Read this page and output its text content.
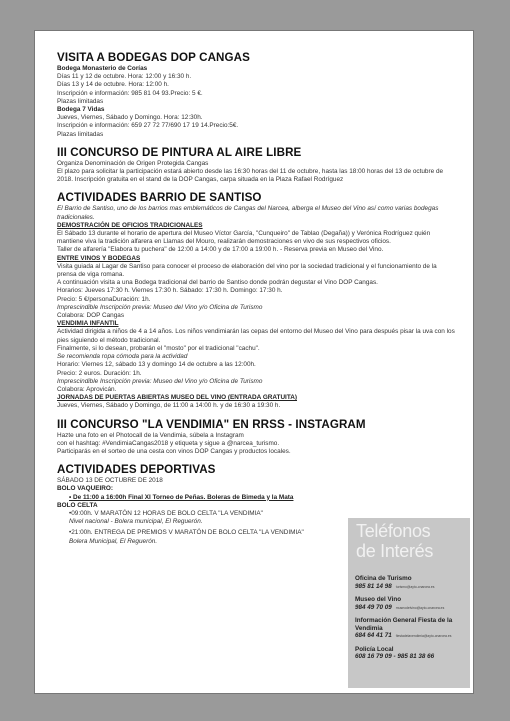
VISITA A BODEGAS DOP CANGAS
Bodega Monasterio de Corías
Días 11 y 12 de octubre. Hora: 12:00 y 16:30 h.
Días 13 y 14 de octubre. Hora: 12:00 h.
Inscripción e información: 985 81 04 93.Precio: 5 €.
Plazas limitadas
Bodega 7 Vidas
Jueves, Viernes, Sábado y Domingo. Hora: 12:30h.
Inscripción e información: 659 27 72 77/690 17 19 14.Precio:5€.
Plazas limitadas
III CONCURSO DE PINTURA AL AIRE LIBRE
Organiza Denominación de Origen Protegida Cangas
El plazo para solicitar la participación estará abierto desde las 16:30 horas del 11 de octubre, hasta las 18:00 horas del 13 de octubre de 2018. Inscripción gratuita en el stand de la DOP Cangas, carpa situada en la Plaza Rafael Rodríguez
ACTIVIDADES BARRIO DE SANTISO
El Barrio de Santiso, uno de los barrios mas emblemáticos de Cangas del Narcea, alberga el Museo del Vino así como varias bodegas tradicionales.
DEMOSTRACIÓN DE OFICIOS TRADICIONALES
El Sábado 13 durante el horario de apertura del Museo Víctor García, "Cunqueiro" de Tablao (Degaña)) y Verónica Rodríguez quién mantiene viva la tradición alfarera en Llamas del Mouro, realizarán demostraciones en vivo de sus respectivos oficios.
Taller de alfarería "Elabora tu puchera" de 12:00 a 14:00 y de 17:00 a 19:00 h. - Reserva previa en Museo del Vino.
ENTRE VINOS Y BODEGAS
Visita guiada al Lagar de Santiso para conocer el proceso de elaboración del vino por la sociedad tradicional y el funcionamiento de la prensa de viga romana.
A continuación visita a una Bodega tradicional del barrio de Santiso donde podrán degustar el Vino DOP Cangas.
Horarios: Jueves 17:30 h. Viernes 17:30 h. Sábado: 17:30 h. Domingo: 17:30 h.
Precio: 5 €/personaDuración: 1h.
Imprescindible Inscripción previa: Museo del Vino y/o Oficina de Turismo
Colabora: DOP Cangas
VENDIMIA INFANTIL
Actividad dirigida a niños de 4 a 14 años. Los niños vendimiarán las cepas del entorno del Museo del Vino para después pisar la uva con los pies siguiendo el método tradicional.
Finalmente, si lo desean, probarán el "mosto" por el tradicional "cachu".
Se recomienda ropa cómoda para la actividad
Horario: Viernes 12, sábado 13 y domingo 14 de octubre a las 12:00h.
Precio: 2 euros. Duración: 1h.
Imprescindible Inscripción previa: Museo del Vino y/o Oficina de Turismo
Colabora: Aprovicán.
JORNADAS DE PUERTAS ABIERTAS MUSEO DEL VINO (ENTRADA GRATUITA)
Jueves, Viernes, Sábado y Domingo, de 11:00 a 14:00 h. y de 16:30 a 19:30 h.
III CONCURSO "LA VENDIMIA" EN RRSS - INSTAGRAM
Hazte una foto en el Photocall de la Vendimia, súbela a Instagram
con el hashtag: #VendimiaCangas2018 y etiqueta y sigue a @narcea_turismo.
Participarás en el sorteo de una cesta con vinos DOP Cangas y productos locales.
ACTIVIDADES DEPORTIVAS
SÁBADO 13 DE OCTUBRE DE 2018
BOLO VAQUEIRO:
• De 11:00 a 16:00h Final XI Torneo de Peñas. Boleras de Bimeda y la Mata
BOLO CELTA
•09:00h. V MARATÓN 12 HORAS DE BOLO CELTA "LA VENDIMIA"
Nivel nacional - Bolera municipal, El Reguerón.
•21:00h. ENTREGA DE PREMIOS V MARATÓN DE BOLO CELTA "LA VENDIMIA"
Bolera Municipal, El Reguerón.
Teléfonos
de Interés
Oficina de Turismo
985 81 14 98 turismo@ayto-cnarcea.es
Museo del Vino
984 49 70 09 museodelvino@ayto-cnarcea.es
Información General Fiesta de la Vendimia
684 64 41 71 fiestadelavendimia@ayto-cnarcea.es
Policía Local
608 16 79 09 - 985 81 38 66
